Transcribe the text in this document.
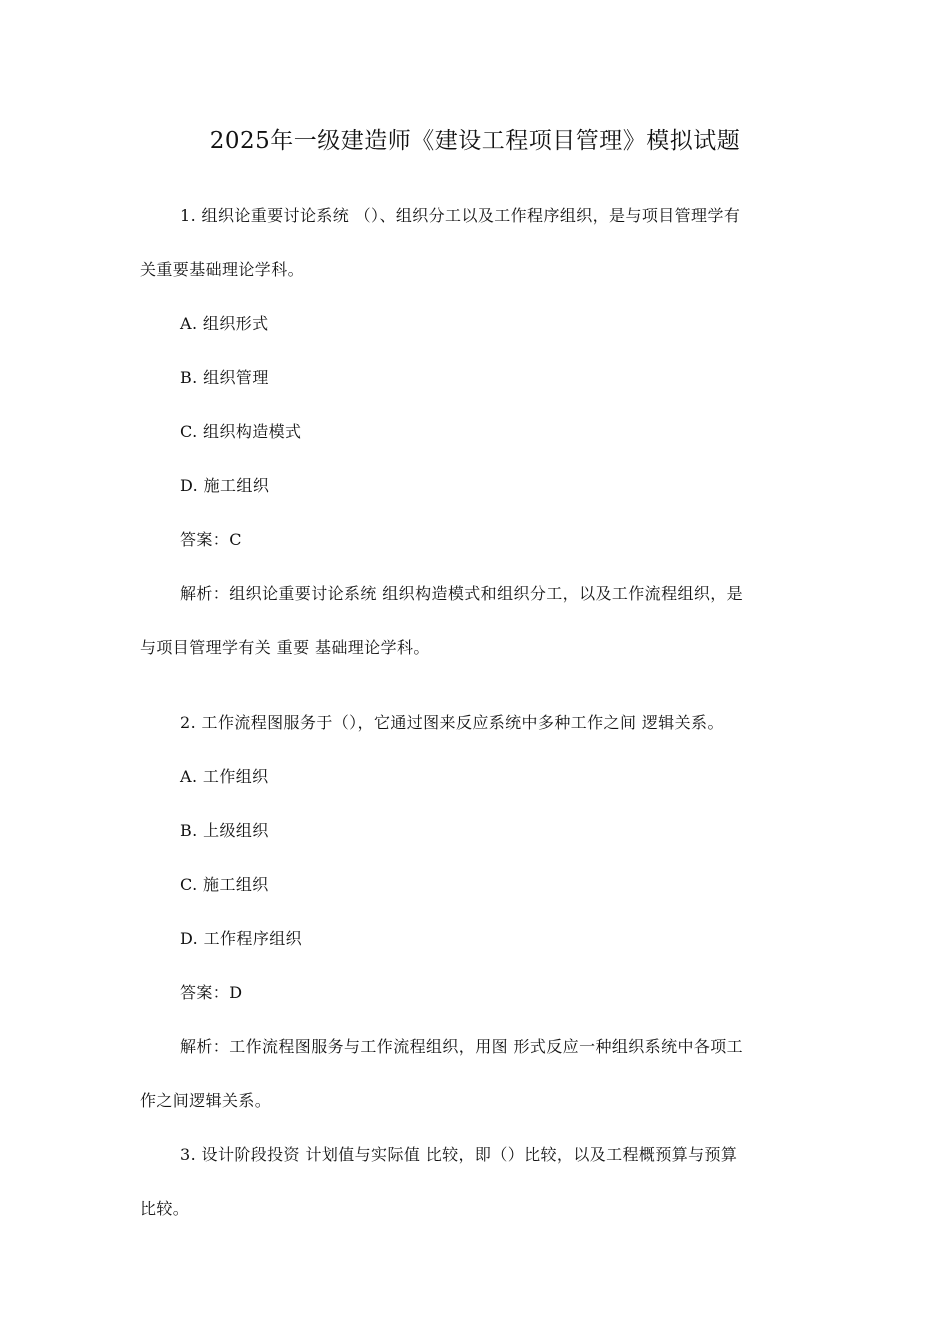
2025年一级建造师《建设工程项目管理》模拟试题
1. 组织论重要讨论系统 （）、组织分工以及工作程序组织，是与项目管理学有
关重要基础理论学科。
A. 组织形式
B. 组织管理
C. 组织构造模式
D. 施工组织
答案：C
解析：组织论重要讨论系统 组织构造模式和组织分工，以及工作流程组织，是
与项目管理学有关 重要 基础理论学科。
2. 工作流程图服务于（），它通过图来反应系统中多种工作之间 逻辑关系。
A. 工作组织
B. 上级组织
C. 施工组织
D. 工作程序组织
答案：D
解析：工作流程图服务与工作流程组织，用图 形式反应一种组织系统中各项工
作之间逻辑关系。
3. 设计阶段投资 计划值与实际值 比较，即（）比较，以及工程概预算与预算
比较。
